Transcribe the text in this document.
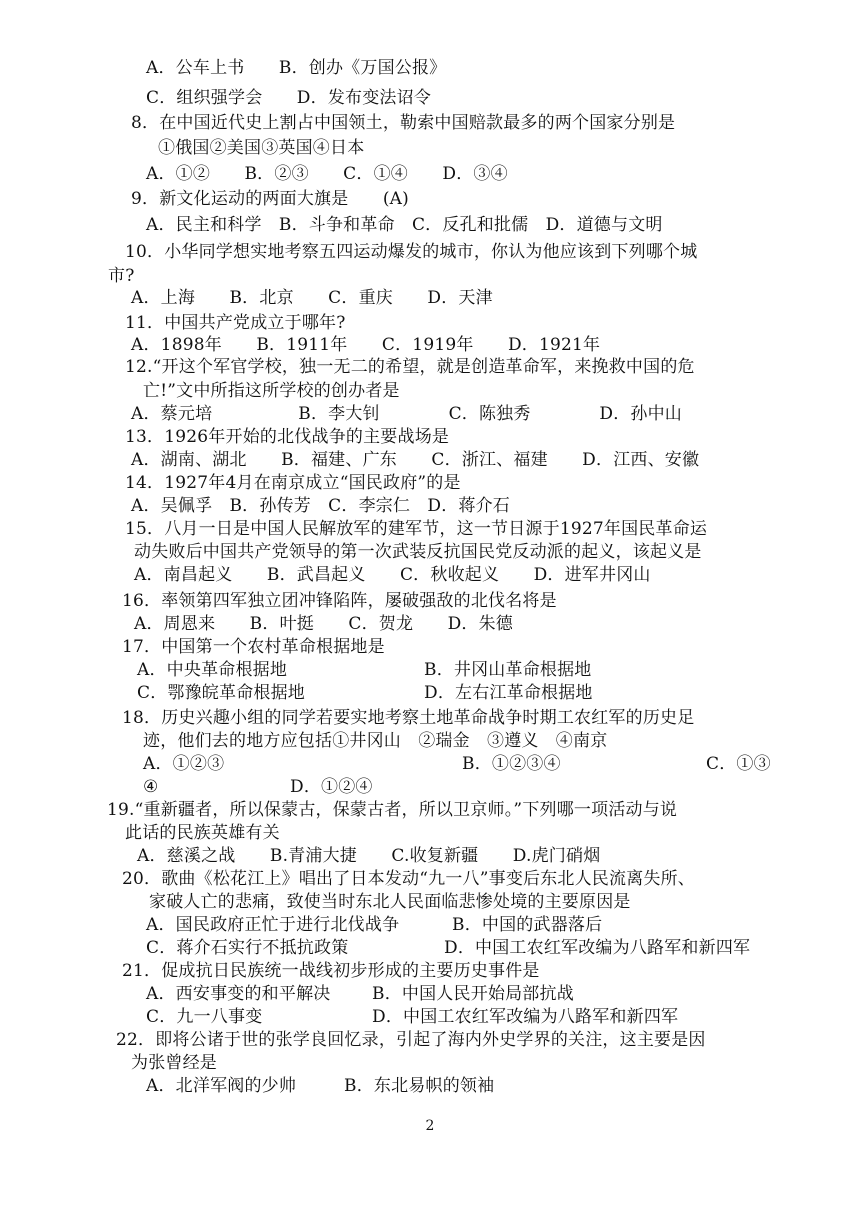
A．公车上书　　B．创办《万国公报》
C．组织强学会　　D．发布变法诏令
8．在中国近代史上割占中国领土，勒索中国赔款最多的两个国家分别是
①俄国②美国③英国④日本
A．①②　　B．②③　　C．①④　　D．③④
9．新文化运动的两面大旗是　　(A)
A．民主和科学　B．斗争和革命　C．反孔和批儒　D．道德与文明
10．小华同学想实地考察五四运动爆发的城市，你认为他应该到下列哪个城
市?
A．上海　　B．北京　　C．重庆　　D．天津
11．中国共产党成立于哪年?
A．1898年　　B．1911年　　C．1919年　　D．1921年
12.“开这个军官学校，独一无二的希望，就是创造革命军，来挽救中国的危
亡!”文中所指这所学校的创办者是
A．蔡元培　　　　　B．李大钊　　　　C．陈独秀　　　　D．孙中山
13．1926年开始的北伐战争的主要战场是
A．湖南、湖北　　B．福建、广东　　C．浙江、福建　　D．江西、安徽
14．1927年4月在南京成立“国民政府”的是
A．吴佩孚　B．孙传芳　C．李宗仁　D．蒋介石
15．八月一日是中国人民解放军的建军节，这一节日源于1927年国民革命运
动失败后中国共产党领导的第一次武装反抗国民党反动派的起义，该起义是
A．南昌起义　　B．武昌起义　　C．秋收起义　　D．进军井冈山
16．率领第四军独立团冲锋陷阵，屡破强敌的北伐名将是
A．周恩来　　B．叶挺　　C．贺龙　　D．朱德
17．中国第一个农村革命根据地是
A．中央革命根据地	B．井冈山革命根据地
C．鄂豫皖革命根据地	D．左右江革命根据地
18．历史兴趣小组的同学若要实地考察土地革命战争时期工农红军的历史足
迹，他们去的地方应包括①井冈山　②瑞金　③遵义　④南京
A．①②③	B．①②③④	C．①③
④	D．①②④
19.“重新疆者，所以保蒙古，保蒙古者，所以卫京师。”下列哪一项活动与说
此话的民族英雄有关
A．慈溪之战　　B.青浦大捷　　C.收复新疆　　D.虎门硝烟
20．歌曲《松花江上》唱出了日本发动“九一八”事变后东北人民流离失所、
家破人亡的悲痛，致使当时东北人民面临悲惨处境的主要原因是
A．国民政府正忙于进行北伐战争	B．中国的武器落后
C．蒋介石实行不抵抗政策	D．中国工农红军改编为八路军和新四军
21．促成抗日民族统一战线初步形成的主要历史事件是
A．西安事变的和平解决 B．中国人民开始局部抗战
C．九一八事变	D．中国工农红军改编为八路军和新四军
22．即将公诸于世的张学良回忆录，引起了海内外史学界的关注，这主要是因
为张曾经是
A．北洋军阀的少帅	B．东北易帜的领袖
2
